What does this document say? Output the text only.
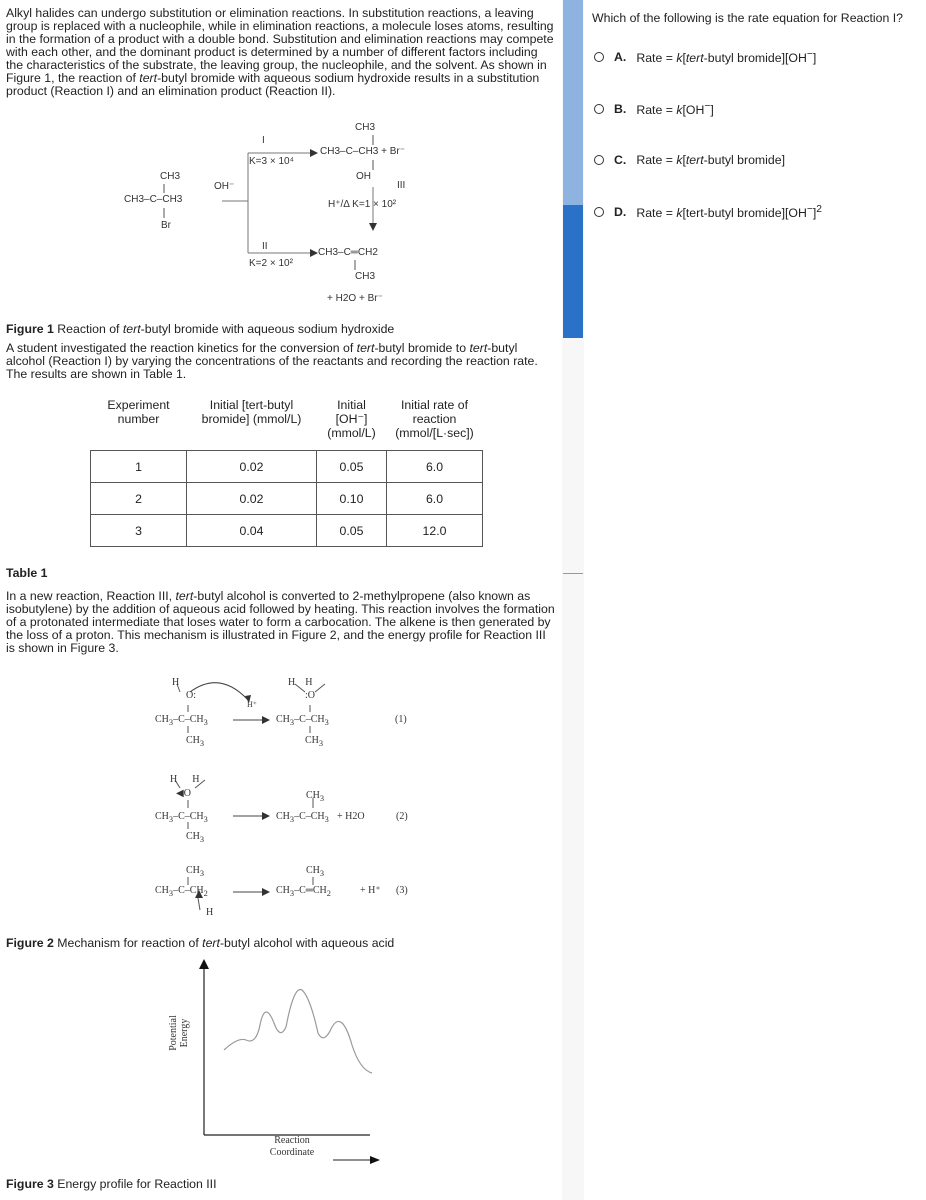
Alkyl halides can undergo substitution or elimination reactions. In substitution reactions, a leaving group is replaced with a nucleophile, while in elimination reactions, a molecule loses atoms, resulting in the formation of a product with a double bond. Substitution and elimination reactions may compete with each other, and the dominant product is determined by a number of different factors including the characteristics of the substrate, the leaving group, the nucleophile, and the solvent. As shown in Figure 1, the reaction of tert-butyl bromide with aqueous sodium hydroxide results in a substitution product (Reaction I) and an elimination product (Reaction II).

CH3
CH3–C–CH3
Br
OH⁻
I
K=3 × 10⁴
II
K=2 × 10²
CH3
CH3–C–CH3 + Br⁻
OH
III
H⁺/Δ K=1 × 10²
CH3–C═CH2
CH3
+ H2O + Br⁻
Figure 1 Reaction of tert-butyl bromide with aqueous sodium hydroxide

A student investigated the reaction kinetics for the conversion of tert-butyl bromide to tert-butyl alcohol (Reaction I) by varying the concentrations of the reactants and recording the reaction rate. The results are shown in Table 1.

Experiment number	Initial [tert-butyl bromide] (mmol/L)	Initial [OH⁻] (mmol/L)	Initial rate of reaction (mmol/[L·sec])
1	0.02	0.05	6.0
2	0.02	0.10	6.0
3	0.04	0.05	12.0
Table 1

In a new reaction, Reaction III, tert-butyl alcohol is converted to 2-methylpropene (also known as isobutylene) by the addition of aqueous acid followed by heating. This reaction involves the formation of a protonated intermediate that loses water to form a carbocation. The alkene is then generated by the loss of a proton. This mechanism is illustrated in Figure 2, and the energy profile for Reaction III is shown in Figure 3.

H
O:
$CH_3-C-CH_3$
$CH_3$
H⁺
H    H
:O
$CH_3-C-CH_3$
$CH_3$
(1)
H      H
◀O
$CH_3-C-CH_3$
$CH_3$
$CH_3$
$CH_3-C-CH_3 + H2O$	(2)
$CH_3$
$CH_3-C-CH_2$
H
$CH_3$
$CH_3-C═CH_2$	+ H⁺ (3)
Figure 2 Mechanism for reaction of tert-butyl alcohol with aqueous acid
Potential Energy
Reaction Coordinate
Figure 3 Energy profile for Reaction III
Which of the following is the rate equation for Reaction I?
A. Rate = k[tert-butyl bromide][OH−]
B. Rate = k[OH−]
C. Rate = k[tert-butyl bromide]
D. Rate = k[tert-butyl $bromide][OH^-]^2$
